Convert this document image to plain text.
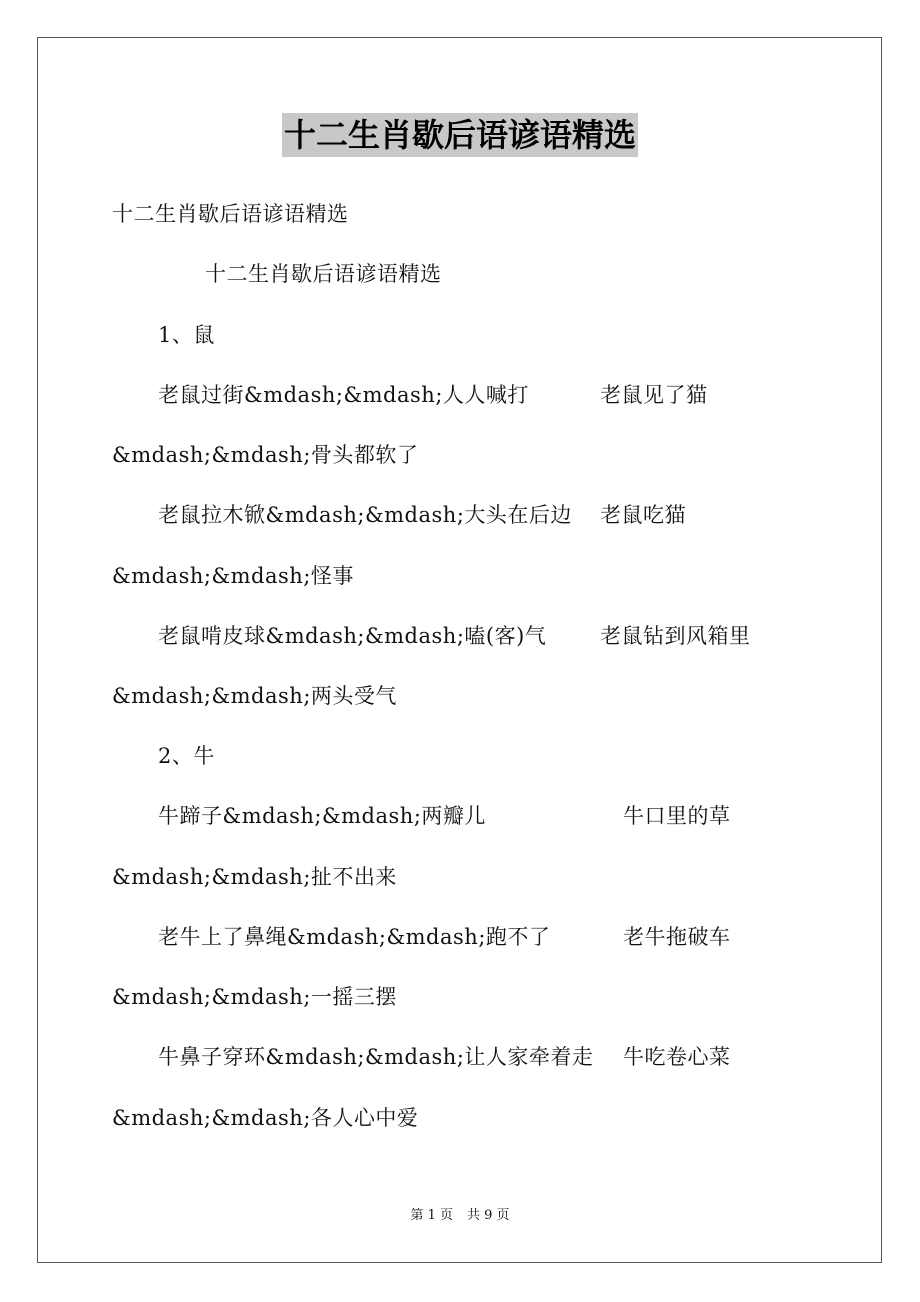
十二生肖歇后语谚语精选
十二生肖歇后语谚语精选
十二生肖歇后语谚语精选
1、鼠
老鼠过街&mdash;&mdash;人人喊打	老鼠见了猫
&mdash;&mdash;骨头都软了
老鼠拉木锨&mdash;&mdash;大头在后边 老鼠吃猫
&mdash;&mdash;怪事
老鼠啃皮球&mdash;&mdash;嗑(客)气	老鼠钻到风箱里
&mdash;&mdash;两头受气
2、牛
牛蹄子&mdash;&mdash;两瓣儿	牛口里的草
&mdash;&mdash;扯不出来
老牛上了鼻绳&mdash;&mdash;跑不了	老牛拖破车
&mdash;&mdash;一摇三摆
牛鼻子穿环&mdash;&mdash;让人家牵着走 牛吃卷心菜
&mdash;&mdash;各人心中爱
第 1 页 共 9 页
